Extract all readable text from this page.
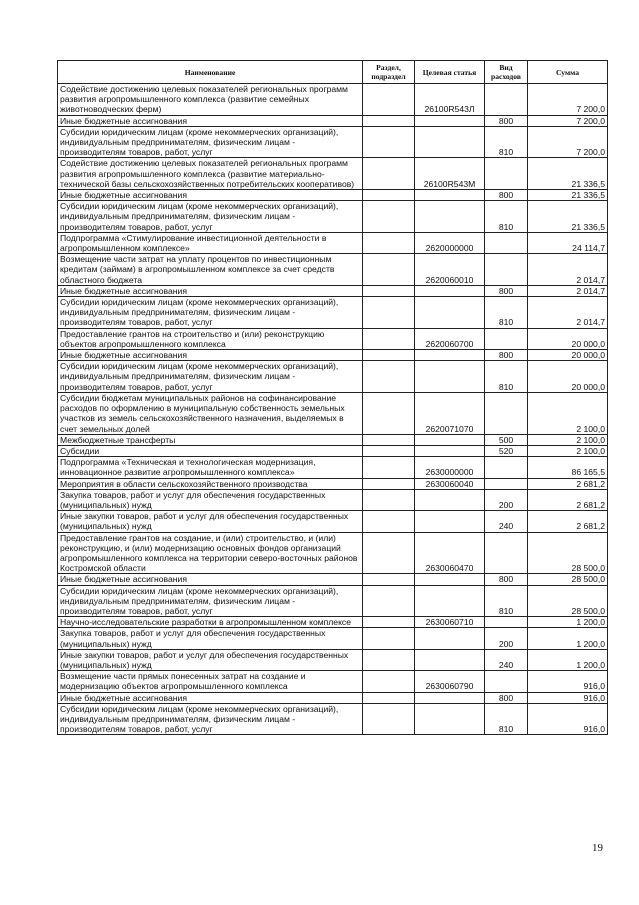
Наименование	Раздел, подраздел	Целевая статья	Вид расходов	Сумма
Содействие достижению целевых показателей региональных программ развития агропромышленного комплекса (развитие семейных животноводческих ферм)		26100R543Л		7 200,0
Иные бюджетные ассигнования			800	7 200,0
Субсидии юридическим лицам (кроме некоммерческих организаций), индивидуальным предпринимателям, физическим лицам - производителям товаров, работ, услуг			810	7 200,0
Содействие достижению целевых показателей региональных программ развития агропромышленного комплекса (развитие материально-технической базы сельскохозяйственных потребительских кооперативов)		26100R543М		21 336,5
Иные бюджетные ассигнования			800	21 336,5
Субсидии юридическим лицам (кроме некоммерческих организаций), индивидуальным предпринимателям, физическим лицам - производителям товаров, работ, услуг			810	21 336,5
Подпрограмма «Стимулирование инвестиционной деятельности в агропромышленном комплексе»		2620000000		24 114,7
Возмещение части затрат на уплату процентов по инвестиционным кредитам (займам) в агропромышленном комплексе за счет средств областного бюджета		2620060010		2 014,7
Иные бюджетные ассигнования			800	2 014,7
Субсидии юридическим лицам (кроме некоммерческих организаций), индивидуальным предпринимателям, физическим лицам - производителям товаров, работ, услуг			810	2 014,7
Предоставление грантов на строительство и (или) реконструкцию объектов агропромышленного комплекса		2620060700		20 000,0
Иные бюджетные ассигнования			800	20 000,0
Субсидии юридическим лицам (кроме некоммерческих организаций), индивидуальным предпринимателям, физическим лицам - производителям товаров, работ, услуг			810	20 000,0
Субсидии бюджетам муниципальных районов на софинансирование расходов по оформлению в муниципальную собственность земельных участков из земель сельскохозяйственного назначения, выделяемых в счет земельных долей		2620071070		2 100,0
Межбюджетные трансферты			500	2 100,0
Субсидии			520	2 100,0
Подпрограмма «Техническая и технологическая модернизация, инновационное развитие агропромышленного комплекса»		2630000000		86 165,5
Мероприятия в области сельскохозяйственного производства		2630060040		2 681,2
Закупка товаров, работ и услуг для обеспечения государственных (муниципальных) нужд			200	2 681,2
Иные закупки товаров, работ и услуг для обеспечения государственных (муниципальных) нужд			240	2 681,2
Предоставление грантов на создание, и (или) строительство, и (или) реконструкцию, и (или) модернизацию основных фондов организаций агропромышленного комплекса на территории северо-восточных районов Костромской области		2630060470		28 500,0
Иные бюджетные ассигнования			800	28 500,0
Субсидии юридическим лицам (кроме некоммерческих организаций), индивидуальным предпринимателям, физическим лицам - производителям товаров, работ, услуг			810	28 500,0
Научно-исследовательские разработки в агропромышленном комплексе		2630060710		1 200,0
Закупка товаров, работ и услуг для обеспечения государственных (муниципальных) нужд			200	1 200,0
Иные закупки товаров, работ и услуг для обеспечения государственных (муниципальных) нужд			240	1 200,0
Возмещение части прямых понесенных затрат на создание и модернизацию объектов агропромышленного комплекса		2630060790		916,0
Иные бюджетные ассигнования			800	916,0
Субсидии юридическим лицам (кроме некоммерческих организаций), индивидуальным предпринимателям, физическим лицам - производителям товаров, работ, услуг			810	916,0
19
